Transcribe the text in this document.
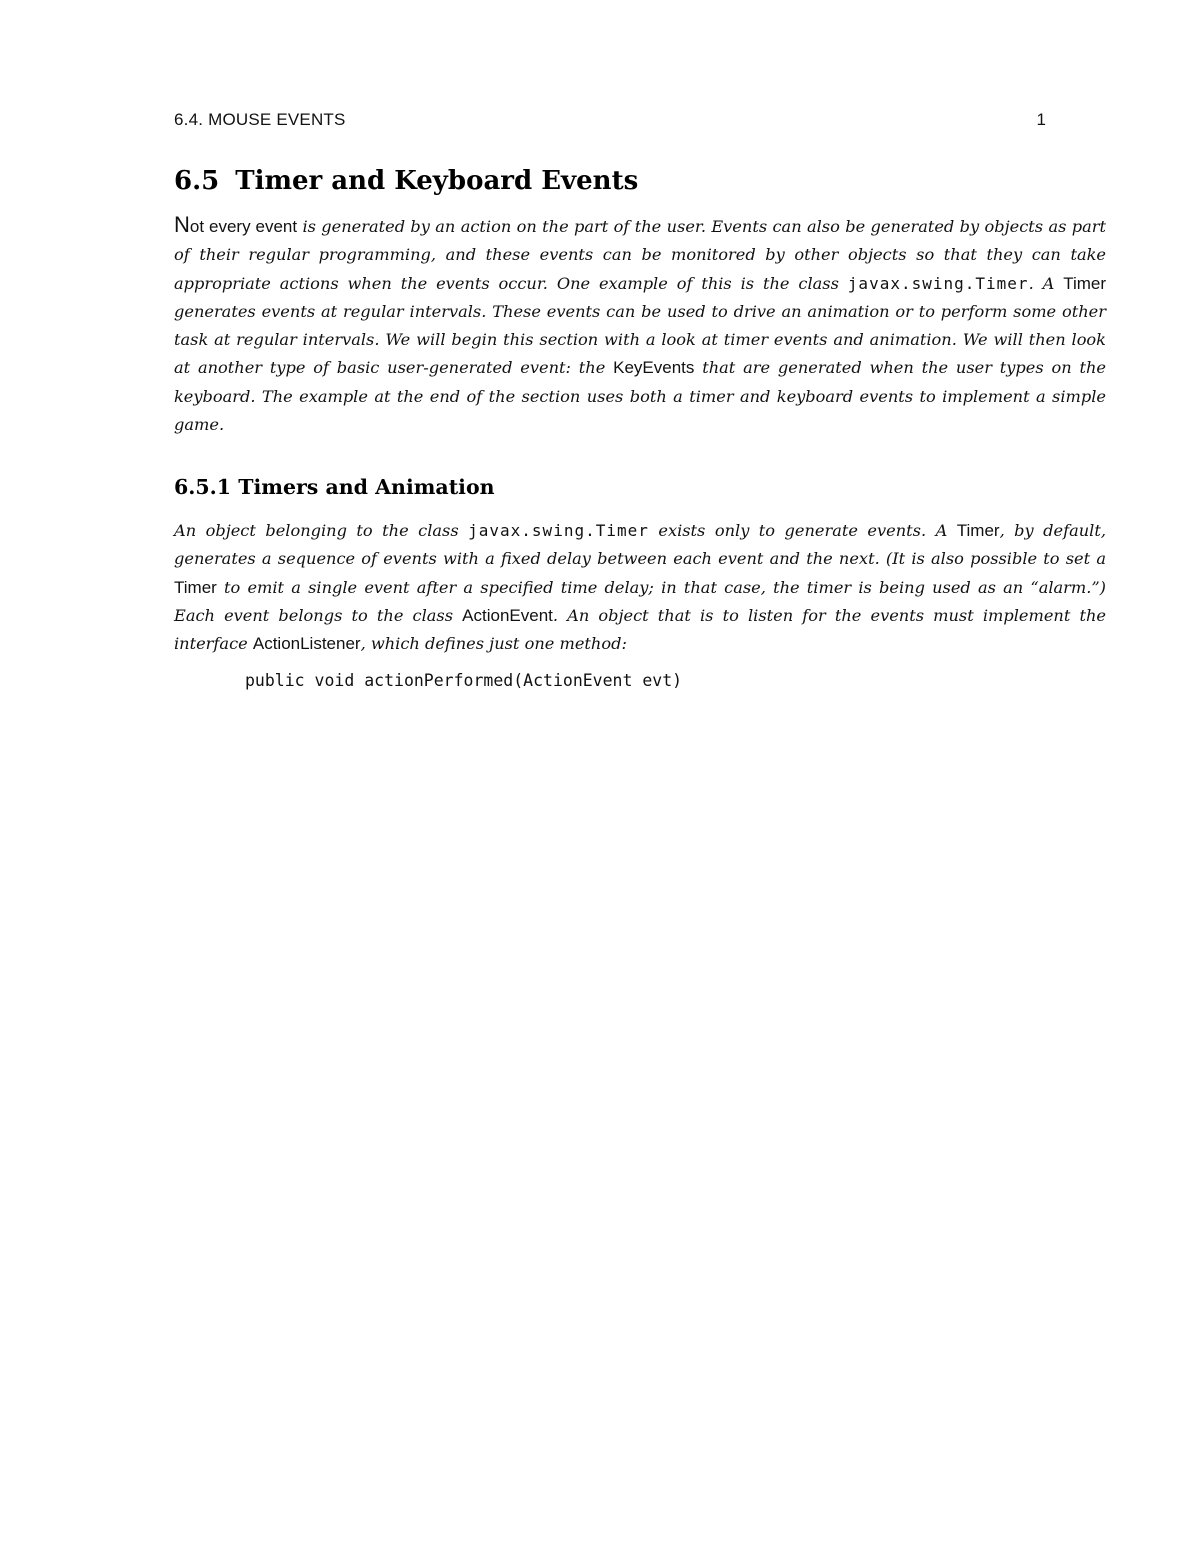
6.4. MOUSE EVENTS	1
6.5 Timer and Keyboard Events

Not every event is generated by an action on the part of the user. Events can also be generated by objects as part of their regular programming, and these events can be monitored by other objects so that they can take appropriate actions when the events occur. One example of this is the class javax.swing.Timer. A Timer generates events at regular intervals. These events can be used to drive an animation or to perform some other task at regular intervals. We will begin this section with a look at timer events and animation. We will then look at another type of basic user-generated event: the KeyEvents that are generated when the user types on the keyboard. The example at the end of the section uses both a timer and keyboard events to implement a simple game.

6.5.1 Timers and Animation

An object belonging to the class javax.swing.Timer exists only to generate events. A Timer, by default, generates a sequence of events with a fixed delay between each event and the next. (It is also possible to set a Timer to emit a single event after a specified time delay; in that case, the timer is being used as an “alarm.”) Each event belongs to the class ActionEvent. An object that is to listen for the events must implement the interface ActionListener, which defines just one method:

public void actionPerformed(ActionEvent evt)
